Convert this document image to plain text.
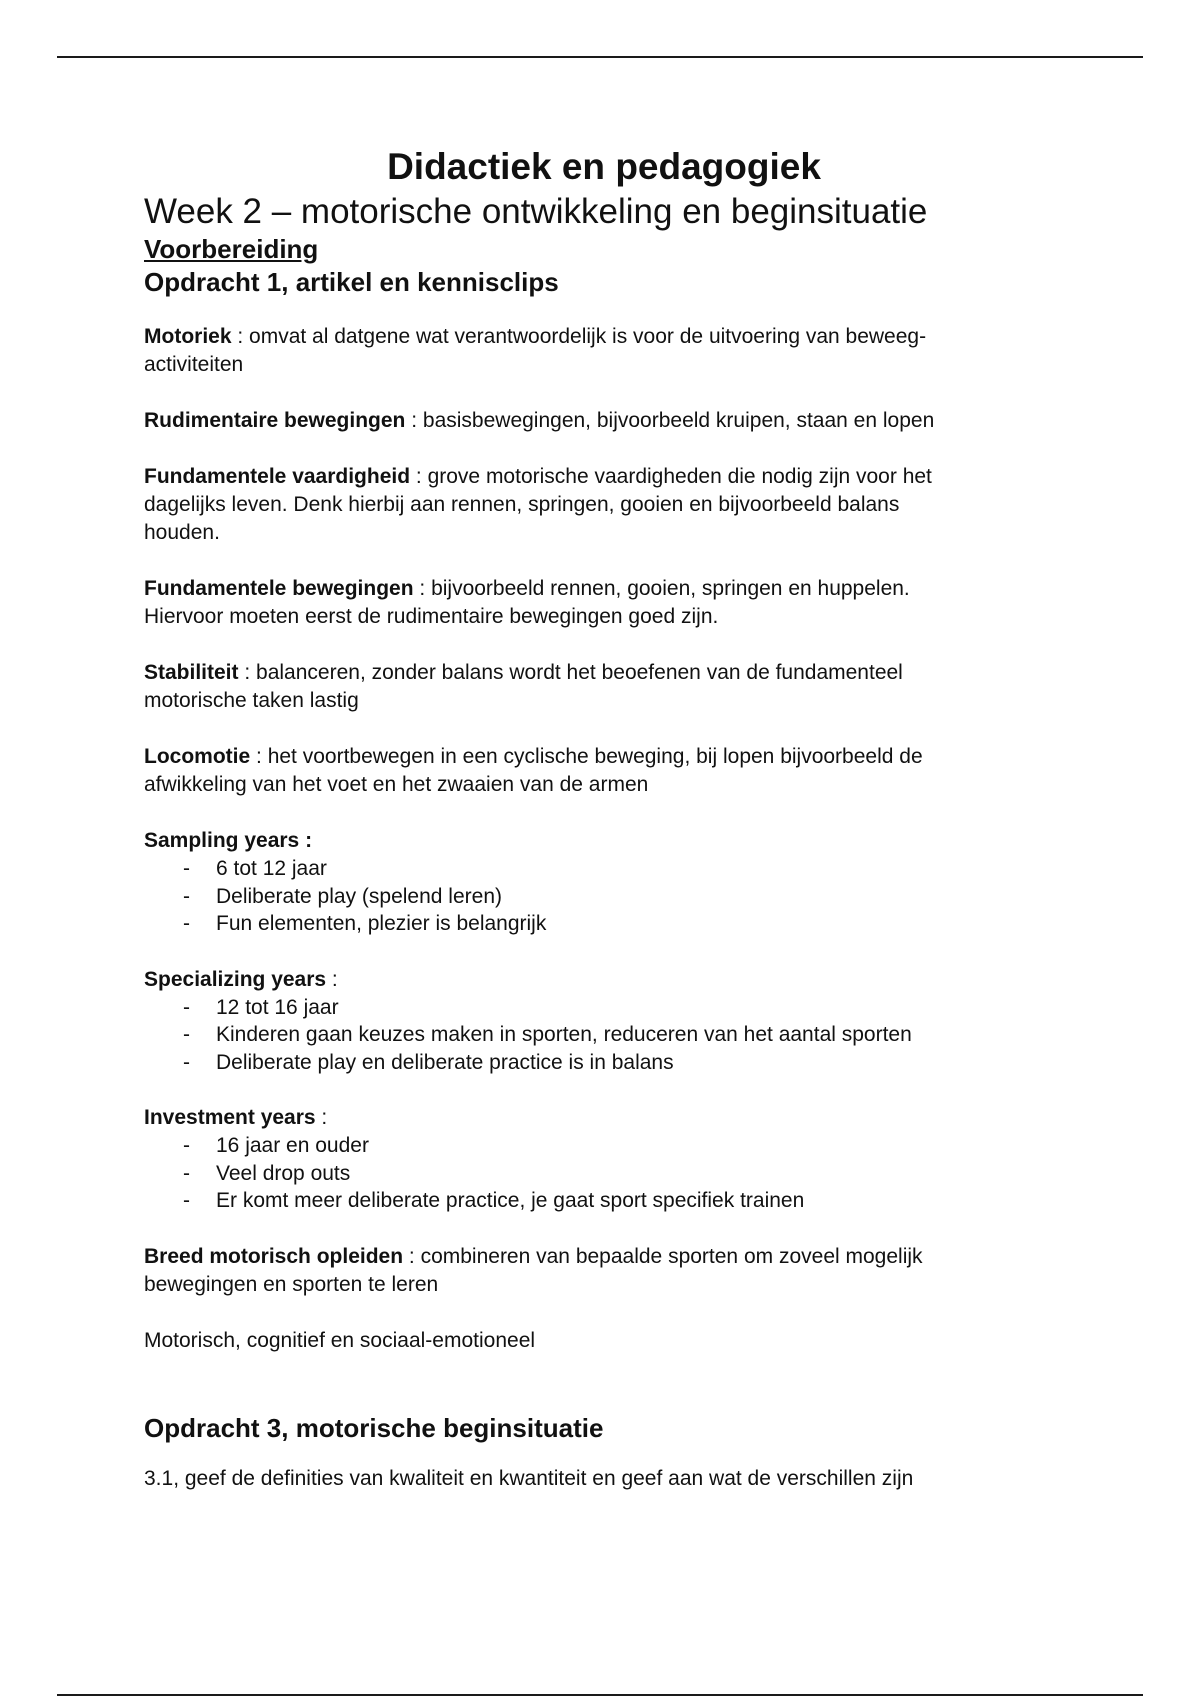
Didactiek en pedagogiek
Week 2 – motorische ontwikkeling en beginsituatie
Voorbereiding
Opdracht 1, artikel en kennisclips

Motoriek : omvat al datgene wat verantwoordelijk is voor de uitvoering van beweeg-
activiteiten

Rudimentaire bewegingen : basisbewegingen, bijvoorbeeld kruipen, staan en lopen

Fundamentele vaardigheid : grove motorische vaardigheden die nodig zijn voor het
dagelijks leven. Denk hierbij aan rennen, springen, gooien en bijvoorbeeld balans
houden.

Fundamentele bewegingen : bijvoorbeeld rennen, gooien, springen en huppelen.
Hiervoor moeten eerst de rudimentaire bewegingen goed zijn.

Stabiliteit : balanceren, zonder balans wordt het beoefenen van de fundamenteel
motorische taken lastig

Locomotie : het voortbewegen in een cyclische beweging, bij lopen bijvoorbeeld de
afwikkeling van het voet en het zwaaien van de armen

Sampling years :

- 6 tot 12 jaar
- Deliberate play (spelend leren)
- Fun elementen, plezier is belangrijk

Specializing years :

- 12 tot 16 jaar
- Kinderen gaan keuzes maken in sporten, reduceren van het aantal sporten
- Deliberate play en deliberate practice is in balans

Investment years :

- 16 jaar en ouder
- Veel drop outs
- Er komt meer deliberate practice, je gaat sport specifiek trainen

Breed motorisch opleiden : combineren van bepaalde sporten om zoveel mogelijk
bewegingen en sporten te leren

Motorisch, cognitief en sociaal-emotioneel

Opdracht 3, motorische beginsituatie

3.1, geef de definities van kwaliteit en kwantiteit en geef aan wat de verschillen zijn
